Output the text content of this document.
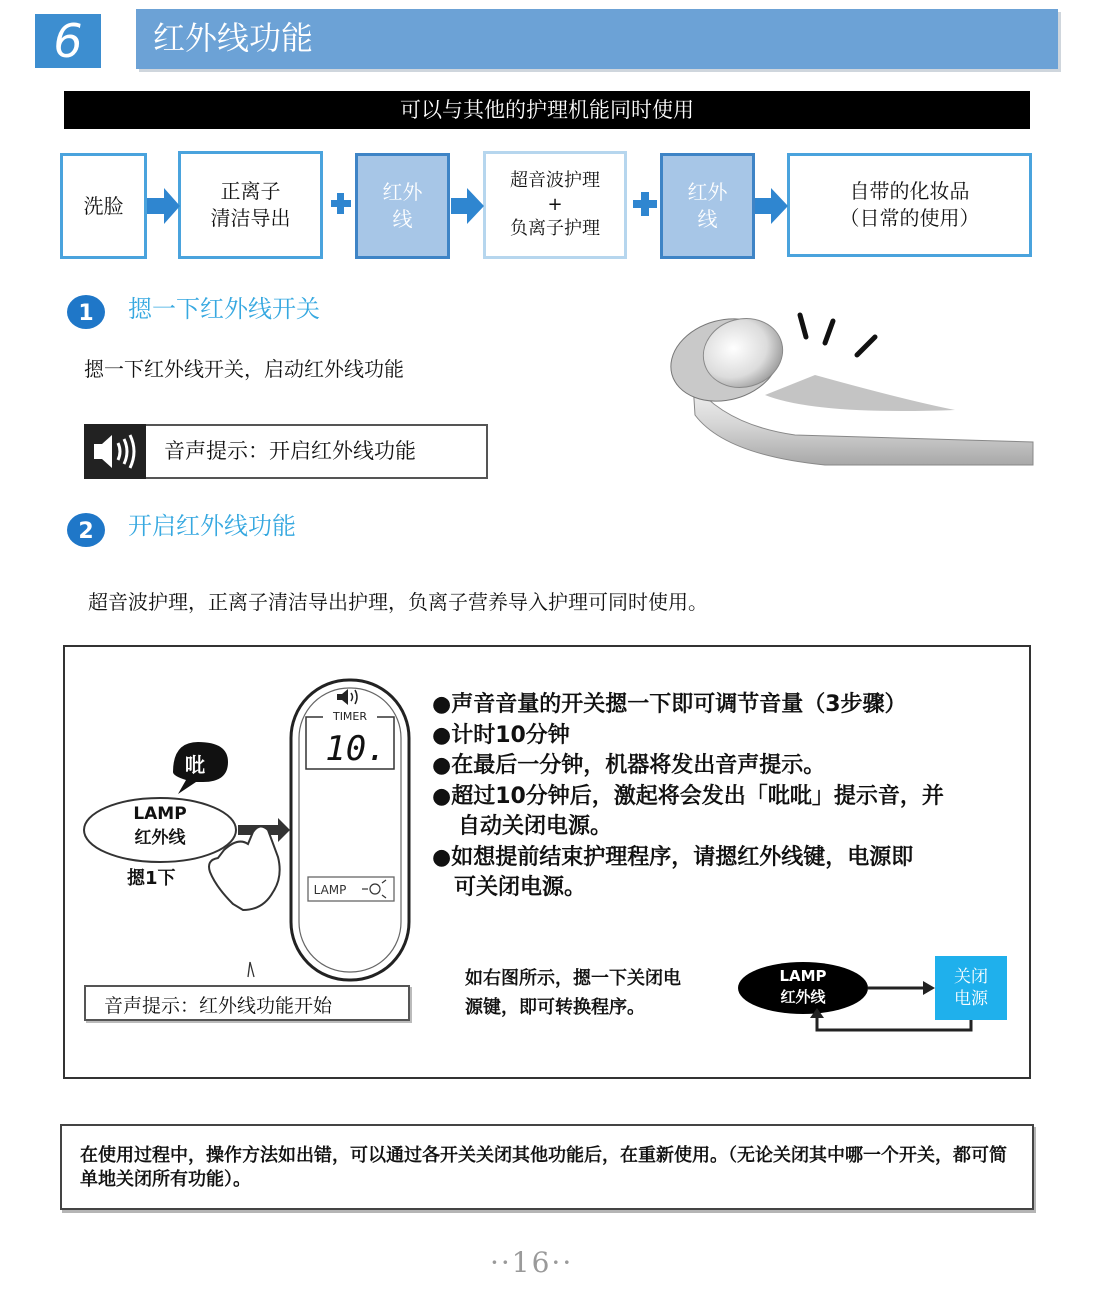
6	红外线功能
可以与其他的护理机能同时使用
洗脸
正离子
清洁导出
红外
线
超音波护理
+
负离子护理
红外
线
自带的化妆品
（日常的使用）
1 摁一下红外线开关
摁一下红外线开关，启动红外线功能
音声提示：开启红外线功能
2 开启红外线功能
超音波护理，正离子清洁导出护理，负离子营养导入护理可同时使用。
TIMER
10.
LAMP
吡
LAMP
红外线
摁1下
音声提示：红外线功能开始
●声音音量的开关摁一下即可调节音量（3步骤）
●计时10分钟
●在最后一分钟，机器将发出音声提示。
●超过10分钟后，激起将会发出「吡吡」提示音，并
自动关闭电源。
●如想提前结束护理程序，请摁红外线键，电源即
可关闭电源。
如右图所示，摁一下关闭电
源键，即可转换程序。
LAMP
红外线
关闭
电源
在使用过程中，操作方法如出错，可以通过各开关关闭其他功能后，在重新使用。（无论关闭其中哪一个开关，都可简单地关闭所有功能）。
··16··
